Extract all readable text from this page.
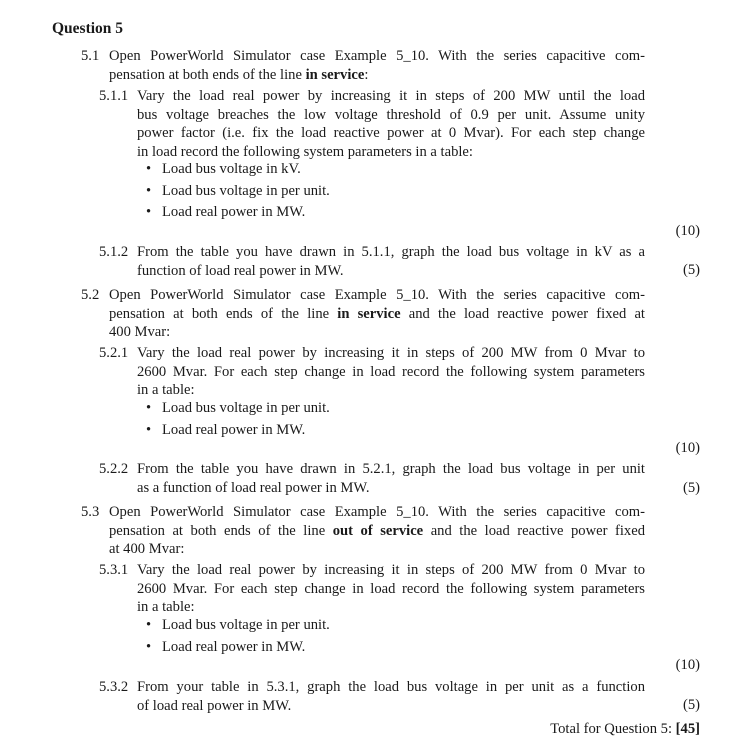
Question 5
5.1 Open PowerWorld Simulator case Example 5_10. With the series capacitive com-
pensation at both ends of the line in service:
5.1.1 Vary the load real power by increasing it in steps of 200 MW until the load
bus voltage breaches the low voltage threshold of 0.9 per unit. Assume unity
power factor (i.e. fix the load reactive power at 0 Mvar). For each step change
in load record the following system parameters in a table:
• Load bus voltage in kV.
• Load bus voltage in per unit.
• Load real power in MW.
(10)
5.1.2 From the table you have drawn in 5.1.1, graph the load bus voltage in kV as a
function of load real power in MW.	(5)
5.2 Open PowerWorld Simulator case Example 5_10. With the series capacitive com-
pensation at both ends of the line in service and the load reactive power fixed at
400 Mvar:
5.2.1 Vary the load real power by increasing it in steps of 200 MW from 0 Mvar to
2600 Mvar. For each step change in load record the following system parameters
in a table:
• Load bus voltage in per unit.
• Load real power in MW.
(10)
5.2.2 From the table you have drawn in 5.2.1, graph the load bus voltage in per unit
as a function of load real power in MW.	(5)
5.3 Open PowerWorld Simulator case Example 5_10. With the series capacitive com-
pensation at both ends of the line out of service and the load reactive power fixed
at 400 Mvar:
5.3.1 Vary the load real power by increasing it in steps of 200 MW from 0 Mvar to
2600 Mvar. For each step change in load record the following system parameters
in a table:
• Load bus voltage in per unit.
• Load real power in MW.
(10)
5.3.2 From your table in 5.3.1, graph the load bus voltage in per unit as a function
of load real power in MW.	(5)
Total for Question 5: [45]
